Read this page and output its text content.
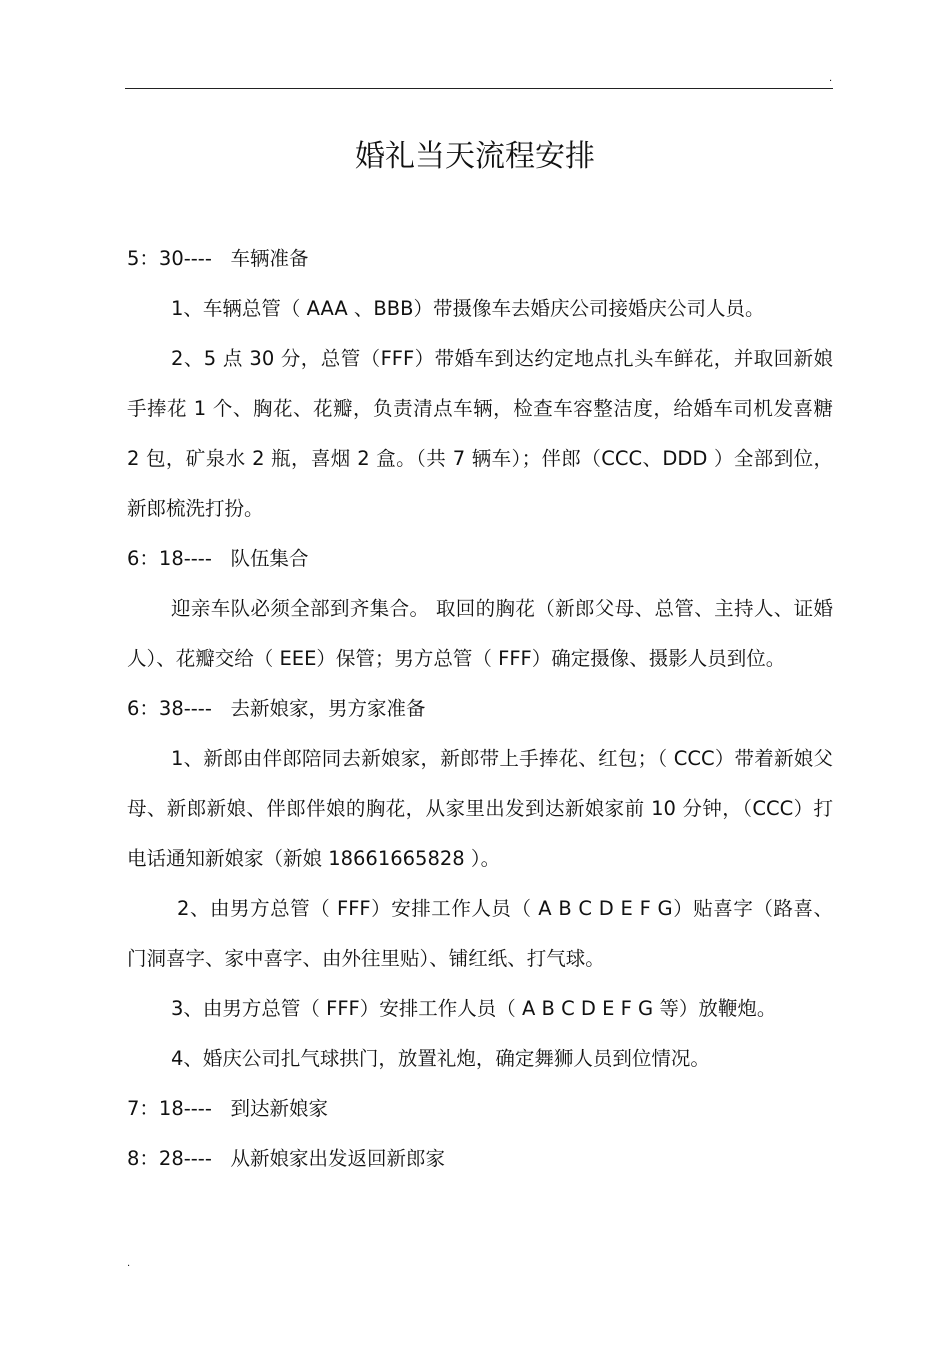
.
婚礼当天流程安排

5：30----   车辆准备

1、车辆总管（ AAA 、BBB）带摄像车去婚庆公司接婚庆公司人员。

2、5 点 30 分，总管（FFF）带婚车到达约定地点扎头车鲜花，并取回新娘手捧花 1 个、胸花、花瓣，负责清点车辆，检查车容整洁度，给婚车司机发喜糖 2 包，矿泉水 2 瓶，喜烟 2 盒。（共 7 辆车）；伴郎（CCC、DDD ）全部到位，新郎梳洗打扮。

6：18----   队伍集合

迎亲车队必须全部到齐集合。 取回的胸花（新郎父母、总管、主持人、证婚人）、花瓣交给（ EEE）保管；男方总管（ FFF）确定摄像、摄影人员到位。

6：38----   去新娘家，男方家准备

1、新郎由伴郎陪同去新娘家，新郎带上手捧花、红包；（ CCC）带着新娘父母、新郎新娘、伴郎伴娘的胸花，从家里出发到达新娘家前 10 分钟，（CCC）打电话通知新娘家（新娘 18661665828 ）。

2、由男方总管（ FFF）安排工作人员（ A B C D E F G）贴喜字（路喜、门洞喜字、家中喜字、由外往里贴）、铺红纸、打气球。

3、由男方总管（ FFF）安排工作人员（ A B C D E F G 等）放鞭炮。

4、婚庆公司扎气球拱门，放置礼炮，确定舞狮人员到位情况。

7：18----   到达新娘家

8：28----   从新娘家出发返回新郎家

.
